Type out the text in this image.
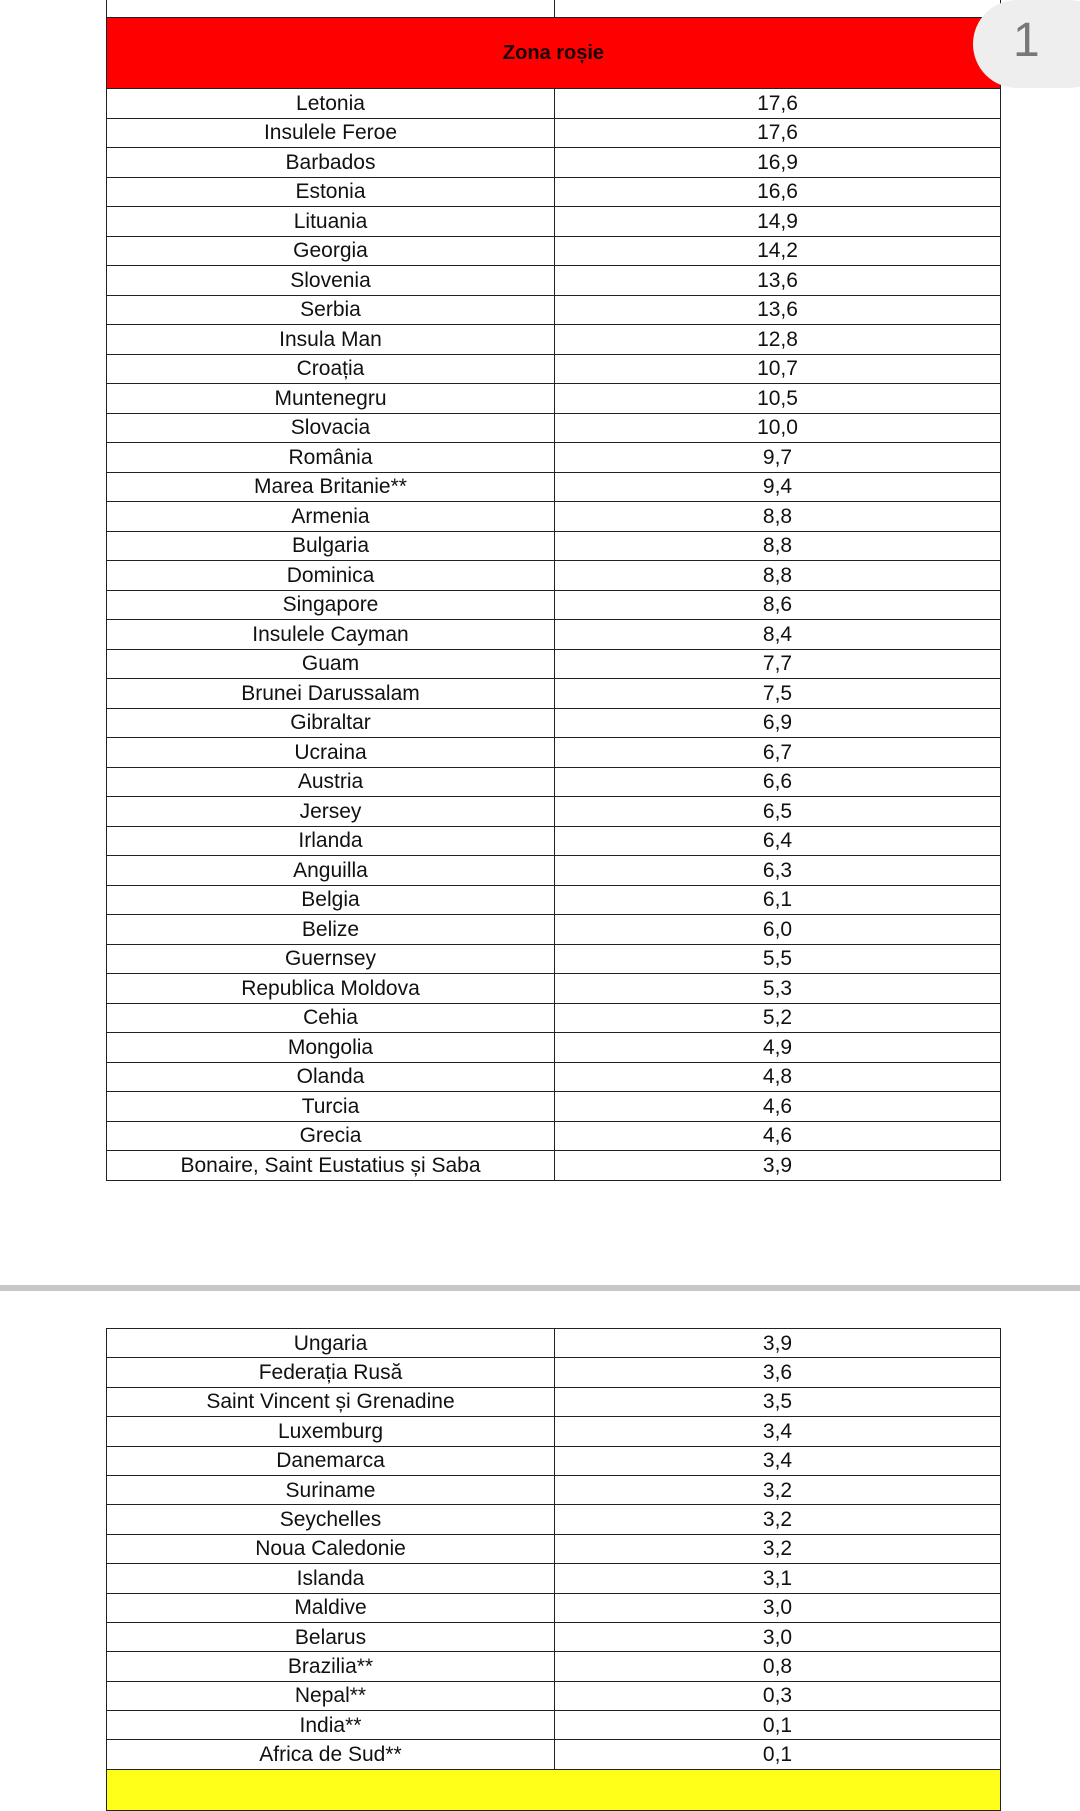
Zona roșie	
Letonia	17,6
Insulele Feroe	17,6
Barbados	16,9
Estonia	16,6
Lituania	14,9
Georgia	14,2
Slovenia	13,6
Serbia	13,6
Insula Man	12,8
Croația	10,7
Muntenegru	10,5
Slovacia	10,0
România	9,7
Marea Britanie**	9,4
Armenia	8,8
Bulgaria	8,8
Dominica	8,8
Singapore	8,6
Insulele Cayman	8,4
Guam	7,7
Brunei Darussalam	7,5
Gibraltar	6,9
Ucraina	6,7
Austria	6,6
Jersey	6,5
Irlanda	6,4
Anguilla	6,3
Belgia	6,1
Belize	6,0
Guernsey	5,5
Republica Moldova	5,3
Cehia	5,2
Mongolia	4,9
Olanda	4,8
Turcia	4,6
Grecia	4,6
Bonaire, Saint Eustatius și Saba	3,9
1
Ungaria	3,9
Federația Rusă	3,6
Saint Vincent și Grenadine	3,5
Luxemburg	3,4
Danemarca	3,4
Suriname	3,2
Seychelles	3,2
Noua Caledonie	3,2
Islanda	3,1
Maldive	3,0
Belarus	3,0
Brazilia**	0,8
Nepal**	0,3
India**	0,1
Africa de Sud**	0,1
